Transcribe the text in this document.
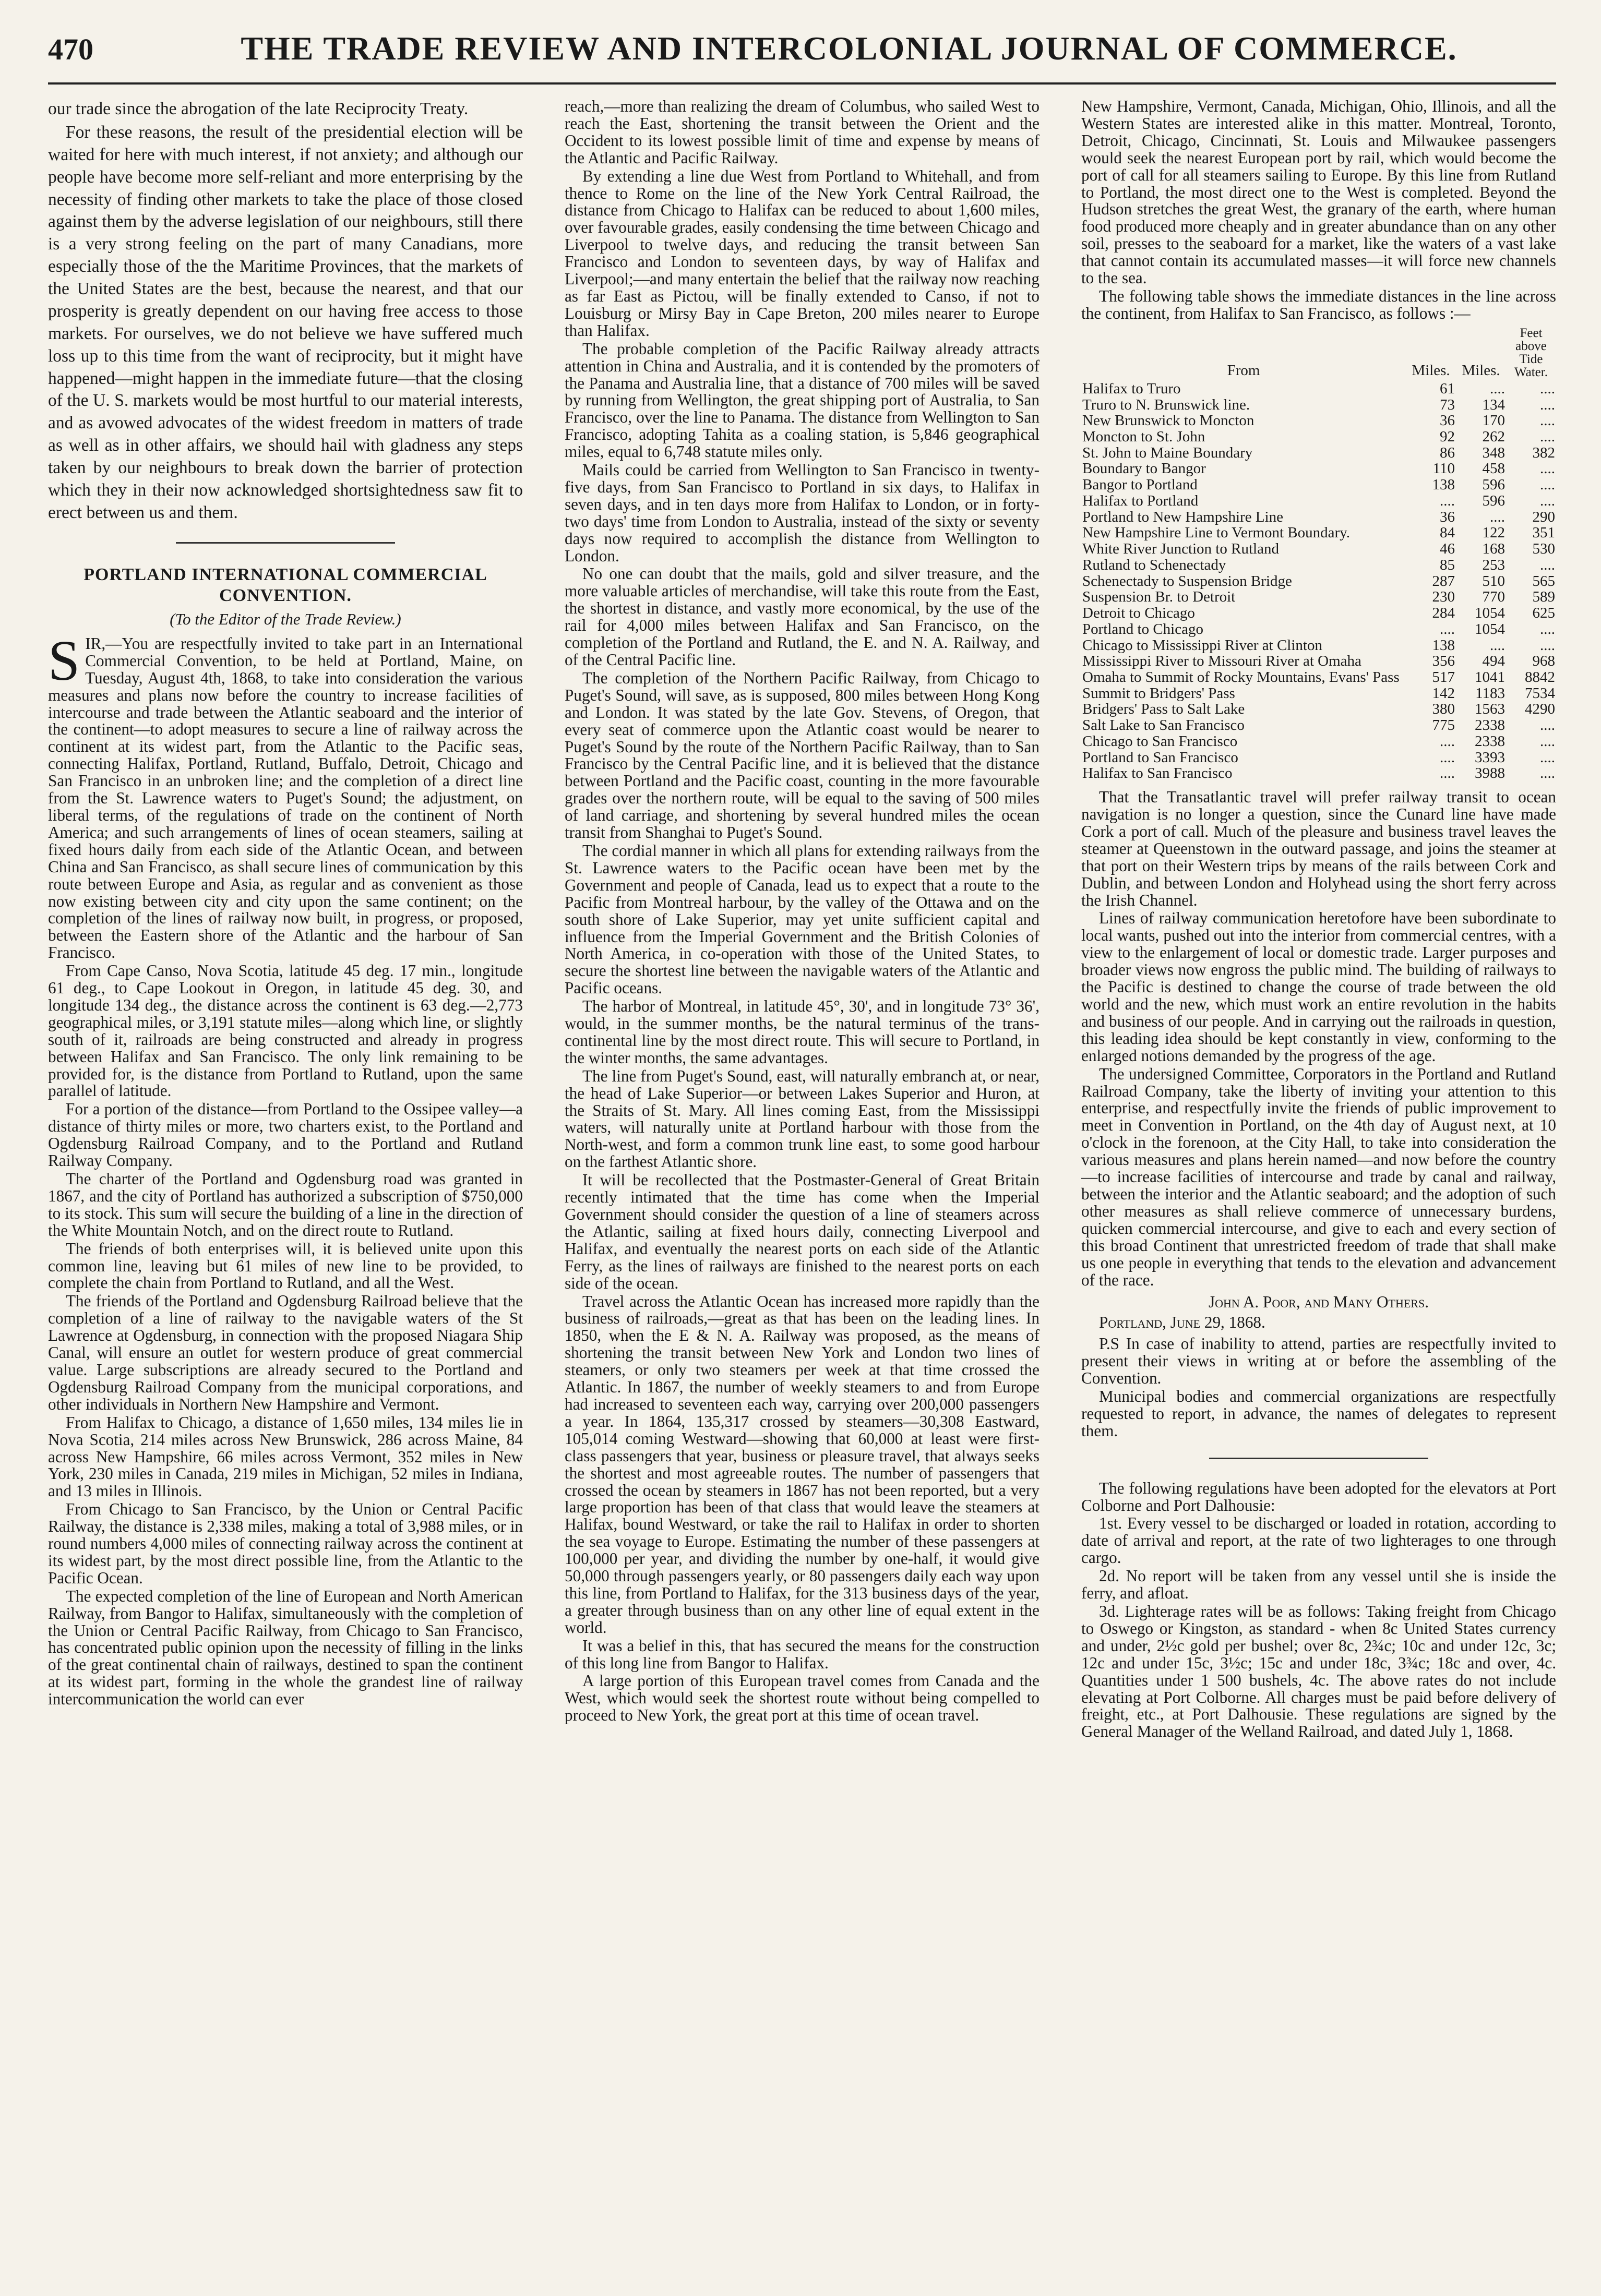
470	THE TRADE REVIEW AND INTERCOLONIAL JOURNAL OF COMMERCE.

our trade since the abrogation of the late Reciprocity Treaty.

For these reasons, the result of the presidential election will be waited for here with much interest, if not anxiety; and although our people have become more self-reliant and more enterprising by the necessity of finding other markets to take the place of those closed against them by the adverse legislation of our neighbours, still there is a very strong feeling on the part of many Canadians, more especially those of the the Maritime Provinces, that the markets of the United States are the best, because the nearest, and that our prosperity is greatly dependent on our having free access to those markets. For ourselves, we do not believe we have suffered much loss up to this time from the want of reciprocity, but it might have happened—might happen in the immediate future—that the closing of the U. S. markets would be most hurtful to our material interests, and as avowed advocates of the widest freedom in matters of trade as well as in other affairs, we should hail with gladness any steps taken by our neighbours to break down the barrier of protection which they in their now acknowledged shortsightedness saw fit to erect between us and them.

PORTLAND INTERNATIONAL COMMERCIAL CONVENTION.
(To the Editor of the Trade Review.)

SIR,—You are respectfully invited to take part in an International Commercial Convention, to be held at Portland, Maine, on Tuesday, August 4th, 1868, to take into consideration the various measures and plans now before the country to increase facilities of intercourse and trade between the Atlantic seaboard and the interior of the continent—to adopt measures to secure a line of railway across the continent at its widest part, from the Atlantic to the Pacific seas, connecting Halifax, Portland, Rutland, Buffalo, Detroit, Chicago and San Francisco in an unbroken line; and the completion of a direct line from the St. Lawrence waters to Puget's Sound; the adjustment, on liberal terms, of the regulations of trade on the continent of North America; and such arrangements of lines of ocean steamers, sailing at fixed hours daily from each side of the Atlantic Ocean, and between China and San Francisco, as shall secure lines of communication by this route between Europe and Asia, as regular and as convenient as those now existing between city and city upon the same continent; on the completion of the lines of railway now built, in progress, or proposed, between the Eastern shore of the Atlantic and the harbour of San Francisco.

From Cape Canso, Nova Scotia, latitude 45 deg. 17 min., longitude 61 deg., to Cape Lookout in Oregon, in latitude 45 deg. 30, and longitude 134 deg., the distance across the continent is 63 deg.—2,773 geographical miles, or 3,191 statute miles—along which line, or slightly south of it, railroads are being constructed and already in progress between Halifax and San Francisco. The only link remaining to be provided for, is the distance from Portland to Rutland, upon the same parallel of latitude.

For a portion of the distance—from Portland to the Ossipee valley—a distance of thirty miles or more, two charters exist, to the Portland and Ogdensburg Railroad Company, and to the Portland and Rutland Railway Company.

The charter of the Portland and Ogdensburg road was granted in 1867, and the city of Portland has authorized a subscription of $750,000 to its stock. This sum will secure the building of a line in the direction of the White Mountain Notch, and on the direct route to Rutland.

The friends of both enterprises will, it is believed unite upon this common line, leaving but 61 miles of new line to be provided, to complete the chain from Portland to Rutland, and all the West.

The friends of the Portland and Ogdensburg Railroad believe that the completion of a line of railway to the navigable waters of the St Lawrence at Ogdensburg, in connection with the proposed Niagara Ship Canal, will ensure an outlet for western produce of great commercial value. Large subscriptions are already secured to the Portland and Ogdensburg Railroad Company from the municipal corporations, and other individuals in Northern New Hampshire and Vermont.

From Halifax to Chicago, a distance of 1,650 miles, 134 miles lie in Nova Scotia, 214 miles across New Brunswick, 286 across Maine, 84 across New Hampshire, 66 miles across Vermont, 352 miles in New York, 230 miles in Canada, 219 miles in Michigan, 52 miles in Indiana, and 13 miles in Illinois.

From Chicago to San Francisco, by the Union or Central Pacific Railway, the distance is 2,338 miles, making a total of 3,988 miles, or in round numbers 4,000 miles of connecting railway across the continent at its widest part, by the most direct possible line, from the Atlantic to the Pacific Ocean.

The expected completion of the line of European and North American Railway, from Bangor to Halifax, simultaneously with the completion of the Union or Central Pacific Railway, from Chicago to San Francisco, has concentrated public opinion upon the necessity of filling in the links of the great continental chain of railways, destined to span the continent at its widest part, forming in the whole the grandest line of railway intercommunication the world can ever

reach,—more than realizing the dream of Columbus, who sailed West to reach the East, shortening the transit between the Orient and the Occident to its lowest possible limit of time and expense by means of the Atlantic and Pacific Railway.

By extending a line due West from Portland to Whitehall, and from thence to Rome on the line of the New York Central Railroad, the distance from Chicago to Halifax can be reduced to about 1,600 miles, over favourable grades, easily condensing the time between Chicago and Liverpool to twelve days, and reducing the transit between San Francisco and London to seventeen days, by way of Halifax and Liverpool;—and many entertain the belief that the railway now reaching as far East as Pictou, will be finally extended to Canso, if not to Louisburg or Mirsy Bay in Cape Breton, 200 miles nearer to Europe than Halifax.

The probable completion of the Pacific Railway already attracts attention in China and Australia, and it is contended by the promoters of the Panama and Australia line, that a distance of 700 miles will be saved by running from Wellington, the great shipping port of Australia, to San Francisco, over the line to Panama. The distance from Wellington to San Francisco, adopting Tahita as a coaling station, is 5,846 geographical miles, equal to 6,748 statute miles only.

Mails could be carried from Wellington to San Francisco in twenty-five days, from San Francisco to Portland in six days, to Halifax in seven days, and in ten days more from Halifax to London, or in forty-two days' time from London to Australia, instead of the sixty or seventy days now required to accomplish the distance from Wellington to London.

No one can doubt that the mails, gold and silver treasure, and the more valuable articles of merchandise, will take this route from the East, the shortest in distance, and vastly more economical, by the use of the rail for 4,000 miles between Halifax and San Francisco, on the completion of the Portland and Rutland, the E. and N. A. Railway, and of the Central Pacific line.

The completion of the Northern Pacific Railway, from Chicago to Puget's Sound, will save, as is supposed, 800 miles between Hong Kong and London. It was stated by the late Gov. Stevens, of Oregon, that every seat of commerce upon the Atlantic coast would be nearer to Puget's Sound by the route of the Northern Pacific Railway, than to San Francisco by the Central Pacific line, and it is believed that the distance between Portland and the Pacific coast, counting in the more favourable grades over the northern route, will be equal to the saving of 500 miles of land carriage, and shortening by several hundred miles the ocean transit from Shanghai to Puget's Sound.

The cordial manner in which all plans for extending railways from the St. Lawrence waters to the Pacific ocean have been met by the Government and people of Canada, lead us to expect that a route to the Pacific from Montreal harbour, by the valley of the Ottawa and on the south shore of Lake Superior, may yet unite sufficient capital and influence from the Imperial Government and the British Colonies of North America, in co-operation with those of the United States, to secure the shortest line between the navigable waters of the Atlantic and Pacific oceans.

The harbor of Montreal, in latitude 45°, 30', and in longitude 73° 36', would, in the summer months, be the natural terminus of the trans-continental line by the most direct route. This will secure to Portland, in the winter months, the same advantages.

The line from Puget's Sound, east, will naturally embranch at, or near, the head of Lake Superior—or between Lakes Superior and Huron, at the Straits of St. Mary. All lines coming East, from the Mississippi waters, will naturally unite at Portland harbour with those from the North-west, and form a common trunk line east, to some good harbour on the farthest Atlantic shore.

It will be recollected that the Postmaster-General of Great Britain recently intimated that the time has come when the Imperial Government should consider the question of a line of steamers across the Atlantic, sailing at fixed hours daily, connecting Liverpool and Halifax, and eventually the nearest ports on each side of the Atlantic Ferry, as the lines of railways are finished to the nearest ports on each side of the ocean.

Travel across the Atlantic Ocean has increased more rapidly than the business of railroads,—great as that has been on the leading lines. In 1850, when the E & N. A. Railway was proposed, as the means of shortening the transit between New York and London two lines of steamers, or only two steamers per week at that time crossed the Atlantic. In 1867, the number of weekly steamers to and from Europe had increased to seventeen each way, carrying over 200,000 passengers a year. In 1864, 135,317 crossed by steamers—30,308 Eastward, 105,014 coming Westward—showing that 60,000 at least were first-class passengers that year, business or pleasure travel, that always seeks the shortest and most agreeable routes. The number of passengers that crossed the ocean by steamers in 1867 has not been reported, but a very large proportion has been of that class that would leave the steamers at Halifax, bound Westward, or take the rail to Halifax in order to shorten the sea voyage to Europe. Estimating the number of these passengers at 100,000 per year, and dividing the number by one-half, it would give 50,000 through passengers yearly, or 80 passengers daily each way upon this line, from Portland to Halifax, for the 313 business days of the year, a greater through business than on any other line of equal extent in the world.

It was a belief in this, that has secured the means for the construction of this long line from Bangor to Halifax.

A large portion of this European travel comes from Canada and the West, which would seek the shortest route without being compelled to proceed to New York, the great port at this time of ocean travel.

New Hampshire, Vermont, Canada, Michigan, Ohio, Illinois, and all the Western States are interested alike in this matter. Montreal, Toronto, Detroit, Chicago, Cincinnati, St. Louis and Milwaukee passengers would seek the nearest European port by rail, which would become the port of call for all steamers sailing to Europe. By this line from Rutland to Portland, the most direct one to the West is completed. Beyond the Hudson stretches the great West, the granary of the earth, where human food produced more cheaply and in greater abundance than on any other soil, presses to the seaboard for a market, like the waters of a vast lake that cannot contain its accumulated masses—it will force new channels to the sea.

The following table shows the immediate distances in the line across the continent, from Halifax to San Francisco, as follows :—

From	Miles.	Miles.	Feet above Tide Water.
Halifax to Truro	61	....	....
Truro to N. Brunswick line.	73	134	....
New Brunswick to Moncton	36	170	....
Moncton to St. John	92	262	....
St. John to Maine Boundary	86	348	382
Boundary to Bangor	110	458	....
Bangor to Portland	138	596	....
Halifax to Portland	....	596	....
Portland to New Hampshire Line	36	....	290
New Hampshire Line to Vermont Boundary.	84	122	351
White River Junction to Rutland	46	168	530
Rutland to Schenectady	85	253	....
Schenectady to Suspension Bridge	287	510	565
Suspension Br. to Detroit	230	770	589
Detroit to Chicago	284	1054	625
Portland to Chicago	....	1054	....
Chicago to Mississippi River at Clinton	138	....	....
Mississippi River to Missouri River at Omaha	356	494	968
Omaha to Summit of Rocky Mountains, Evans' Pass	517	1041	8842
Summit to Bridgers' Pass	142	1183	7534
Bridgers' Pass to Salt Lake	380	1563	4290
Salt Lake to San Francisco	775	2338	....
Chicago to San Francisco	....	2338	....
Portland to San Francisco	....	3393	....
Halifax to San Francisco	....	3988	....

That the Transatlantic travel will prefer railway transit to ocean navigation is no longer a question, since the Cunard line have made Cork a port of call. Much of the pleasure and business travel leaves the steamer at Queenstown in the outward passage, and joins the steamer at that port on their Western trips by means of the rails between Cork and Dublin, and between London and Holyhead using the short ferry across the Irish Channel.

Lines of railway communication heretofore have been subordinate to local wants, pushed out into the interior from commercial centres, with a view to the enlargement of local or domestic trade. Larger purposes and broader views now engross the public mind. The building of railways to the Pacific is destined to change the course of trade between the old world and the new, which must work an entire revolution in the habits and business of our people. And in carrying out the railroads in question, this leading idea should be kept constantly in view, conforming to the enlarged notions demanded by the progress of the age.

The undersigned Committee, Corporators in the Portland and Rutland Railroad Company, take the liberty of inviting your attention to this enterprise, and respectfully invite the friends of public improvement to meet in Convention in Portland, on the 4th day of August next, at 10 o'clock in the forenoon, at the City Hall, to take into consideration the various measures and plans herein named—and now before the country—to increase facilities of intercourse and trade by canal and railway, between the interior and the Atlantic seaboard; and the adoption of such other measures as shall relieve commerce of unnecessary burdens, quicken commercial intercourse, and give to each and every section of this broad Continent that unrestricted freedom of trade that shall make us one people in everything that tends to the elevation and advancement of the race.

John A. Poor, and Many Others.
Portland, June 29, 1868.

P.S In case of inability to attend, parties are respectfully invited to present their views in writing at or before the assembling of the Convention.

Municipal bodies and commercial organizations are respectfully requested to report, in advance, the names of delegates to represent them.

The following regulations have been adopted for the elevators at Port Colborne and Port Dalhousie:

1st. Every vessel to be discharged or loaded in rotation, according to date of arrival and report, at the rate of two lighterages to one through cargo.

2d. No report will be taken from any vessel until she is inside the ferry, and afloat.

3d. Lighterage rates will be as follows: Taking freight from Chicago to Oswego or Kingston, as standard - when 8c United States currency and under, 2½c gold per bushel; over 8c, 2¾c; 10c and under 12c, 3c; 12c and under 15c, 3½c; 15c and under 18c, 3¾c; 18c and over, 4c. Quantities under 1 500 bushels, 4c. The above rates do not include elevating at Port Colborne. All charges must be paid before delivery of freight, etc., at Port Dalhousie. These regulations are signed by the General Manager of the Welland Railroad, and dated July 1, 1868.
